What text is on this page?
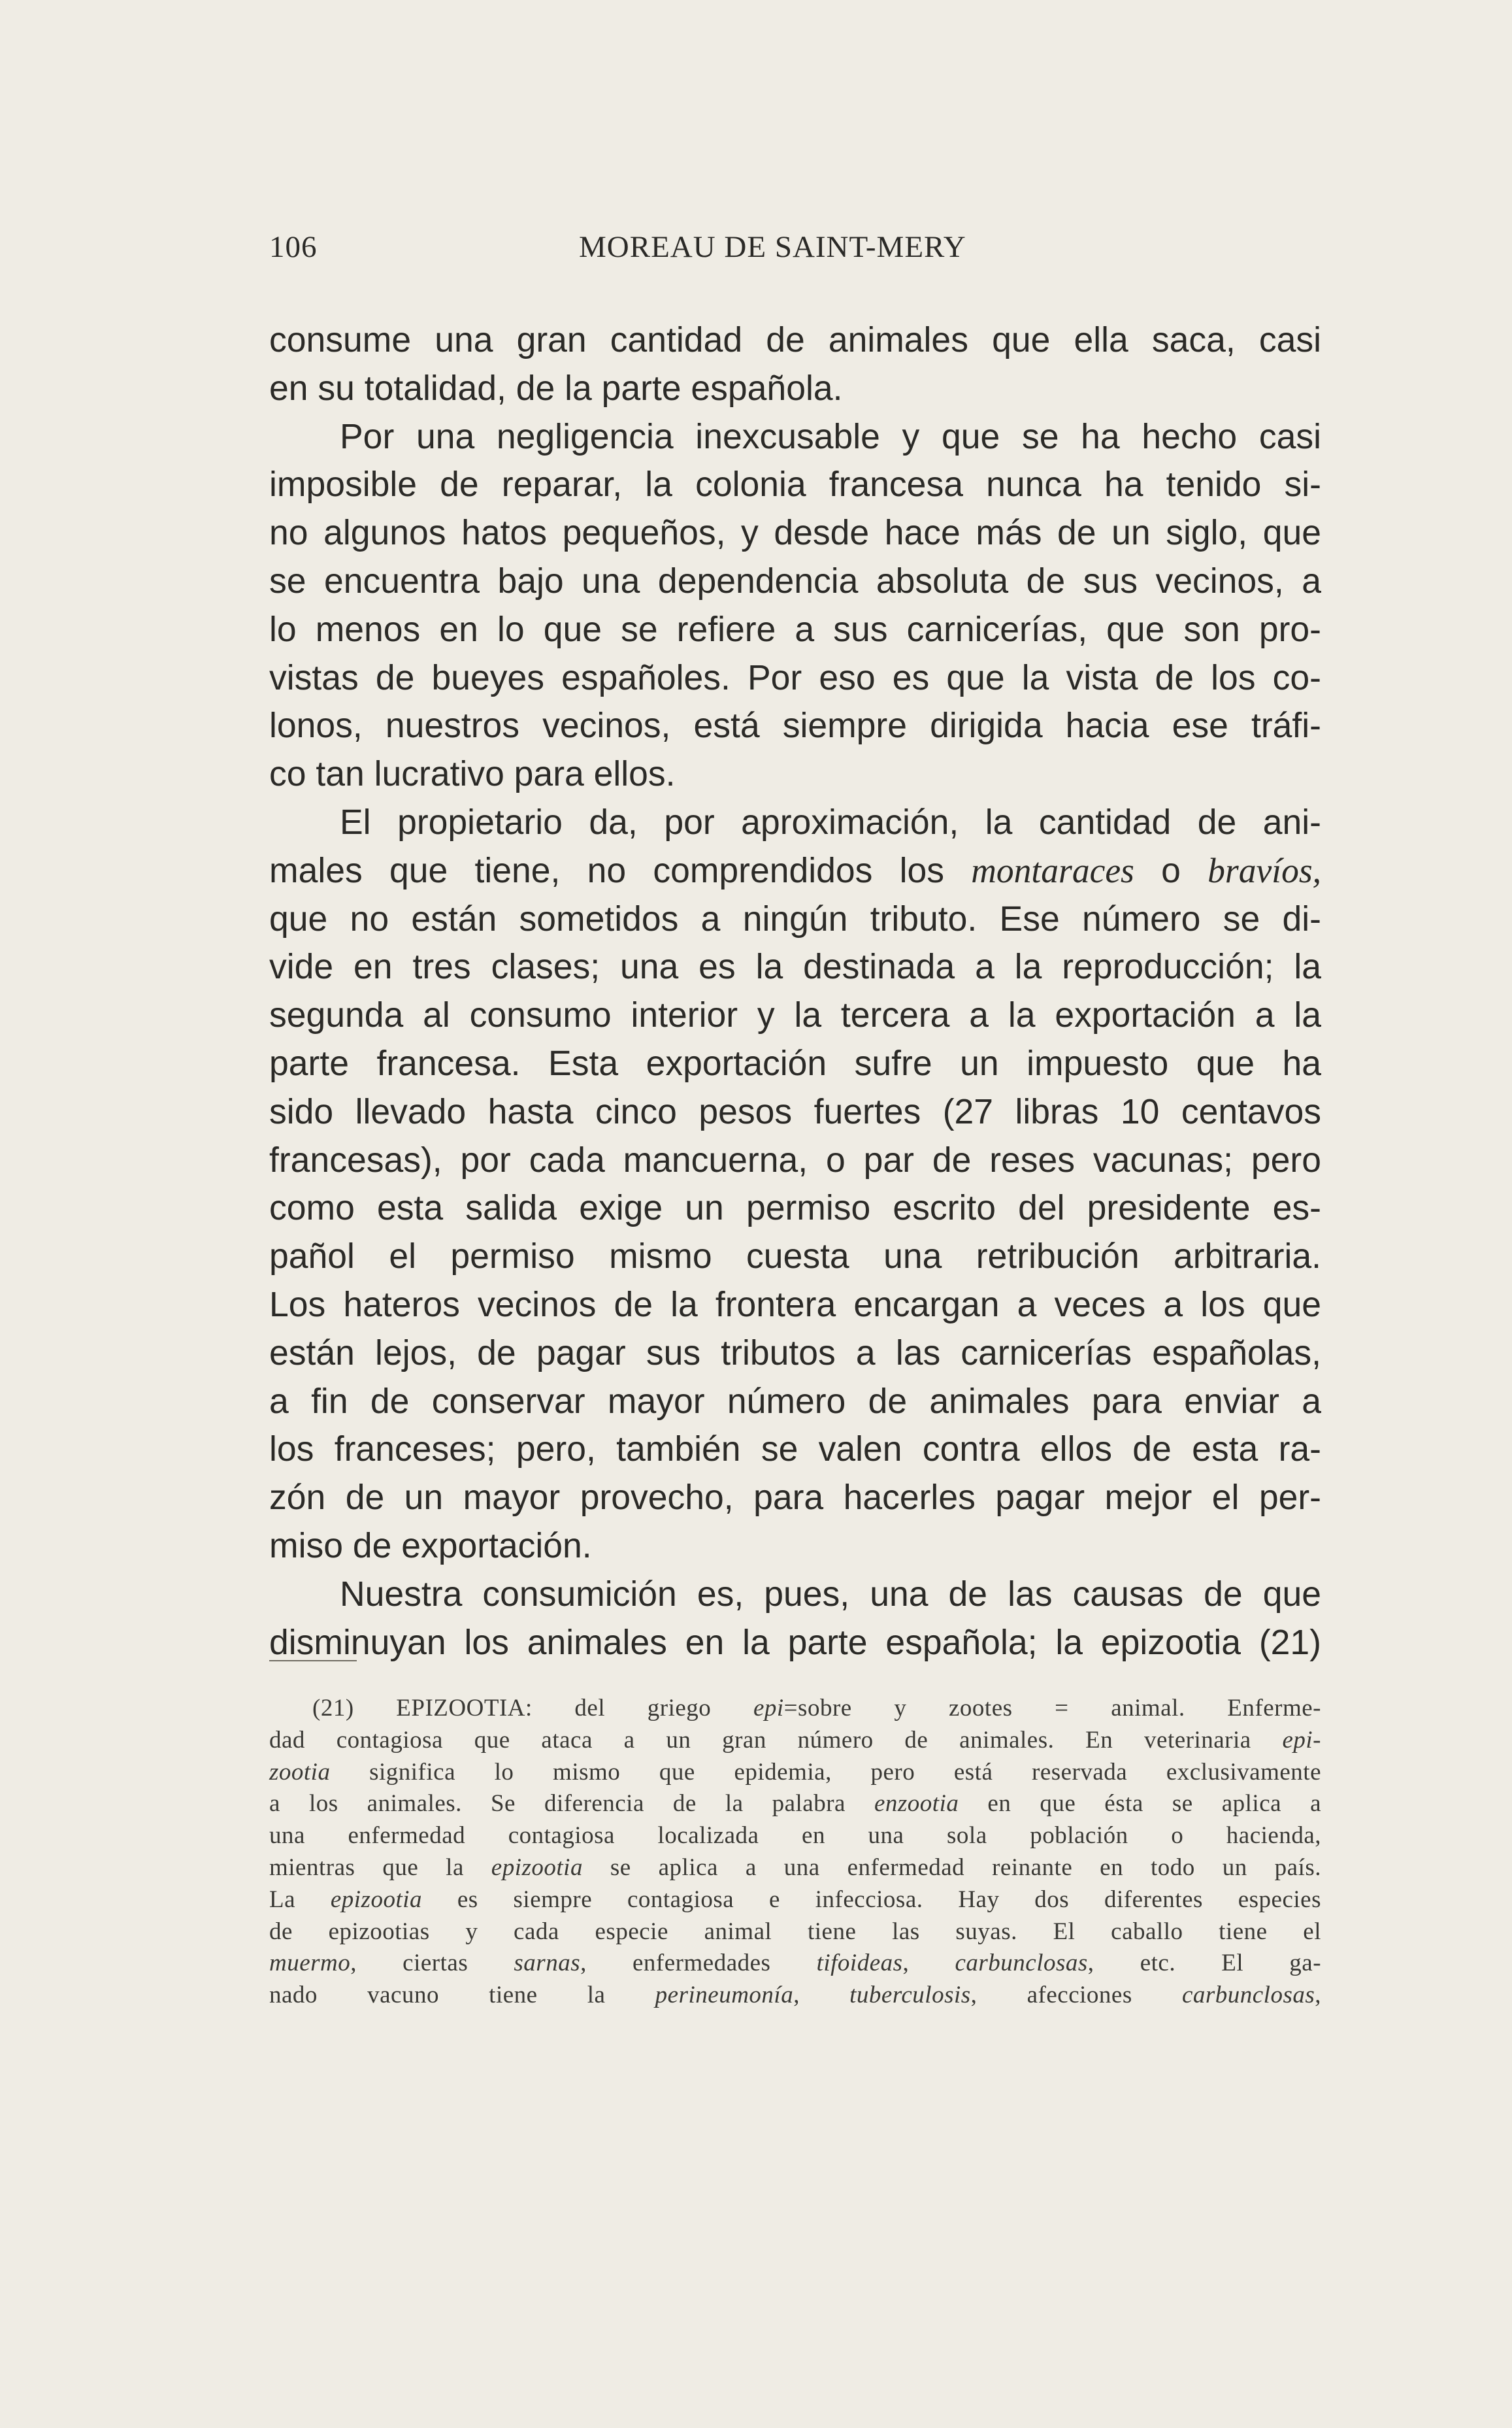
106	MOREAU DE SAINT-MERY
consume una gran cantidad de animales que ella saca, casi
en su totalidad, de la parte española.
Por una negligencia inexcusable y que se ha hecho casi
imposible de reparar, la colonia francesa nunca ha tenido si-
no algunos hatos pequeños, y desde hace más de un siglo, que
se encuentra bajo una dependencia absoluta de sus vecinos, a
lo menos en lo que se refiere a sus carnicerías, que son pro-
vistas de bueyes españoles. Por eso es que la vista de los co-
lonos, nuestros vecinos, está siempre dirigida hacia ese tráfi-
co tan lucrativo para ellos.
El propietario da, por aproximación, la cantidad de ani-
males que tiene, no comprendidos los montaraces o bravíos,
que no están sometidos a ningún tributo. Ese número se di-
vide en tres clases; una es la destinada a la reproducción; la
segunda al consumo interior y la tercera a la exportación a la
parte francesa. Esta exportación sufre un impuesto que ha
sido llevado hasta cinco pesos fuertes (27 libras 10 centavos
francesas), por cada mancuerna, o par de reses vacunas; pero
como esta salida exige un permiso escrito del presidente es-
pañol el permiso mismo cuesta una retribución arbitraria.
Los hateros vecinos de la frontera encargan a veces a los que
están lejos, de pagar sus tributos a las carnicerías españolas,
a fin de conservar mayor número de animales para enviar a
los franceses; pero, también se valen contra ellos de esta ra-
zón de un mayor provecho, para hacerles pagar mejor el per-
miso de exportación.
Nuestra consumición es, pues, una de las causas de que
disminuyan los animales en la parte española; la epizootia (21)
(21) EPIZOOTIA: del griego epi=sobre y zootes = animal. Enferme-
dad contagiosa que ataca a un gran número de animales. En veterinaria epi-
zootia significa lo mismo que epidemia, pero está reservada exclusivamente
a los animales. Se diferencia de la palabra enzootia en que ésta se aplica a
una enfermedad contagiosa localizada en una sola población o hacienda,
mientras que la epizootia se aplica a una enfermedad reinante en todo un país.
La epizootia es siempre contagiosa e infecciosa. Hay dos diferentes especies
de epizootias y cada especie animal tiene las suyas. El caballo tiene el
muermo, ciertas sarnas, enfermedades tifoideas, carbunclosas, etc. El ga-
nado vacuno tiene la perineumonía, tuberculosis, afecciones carbunclosas,
